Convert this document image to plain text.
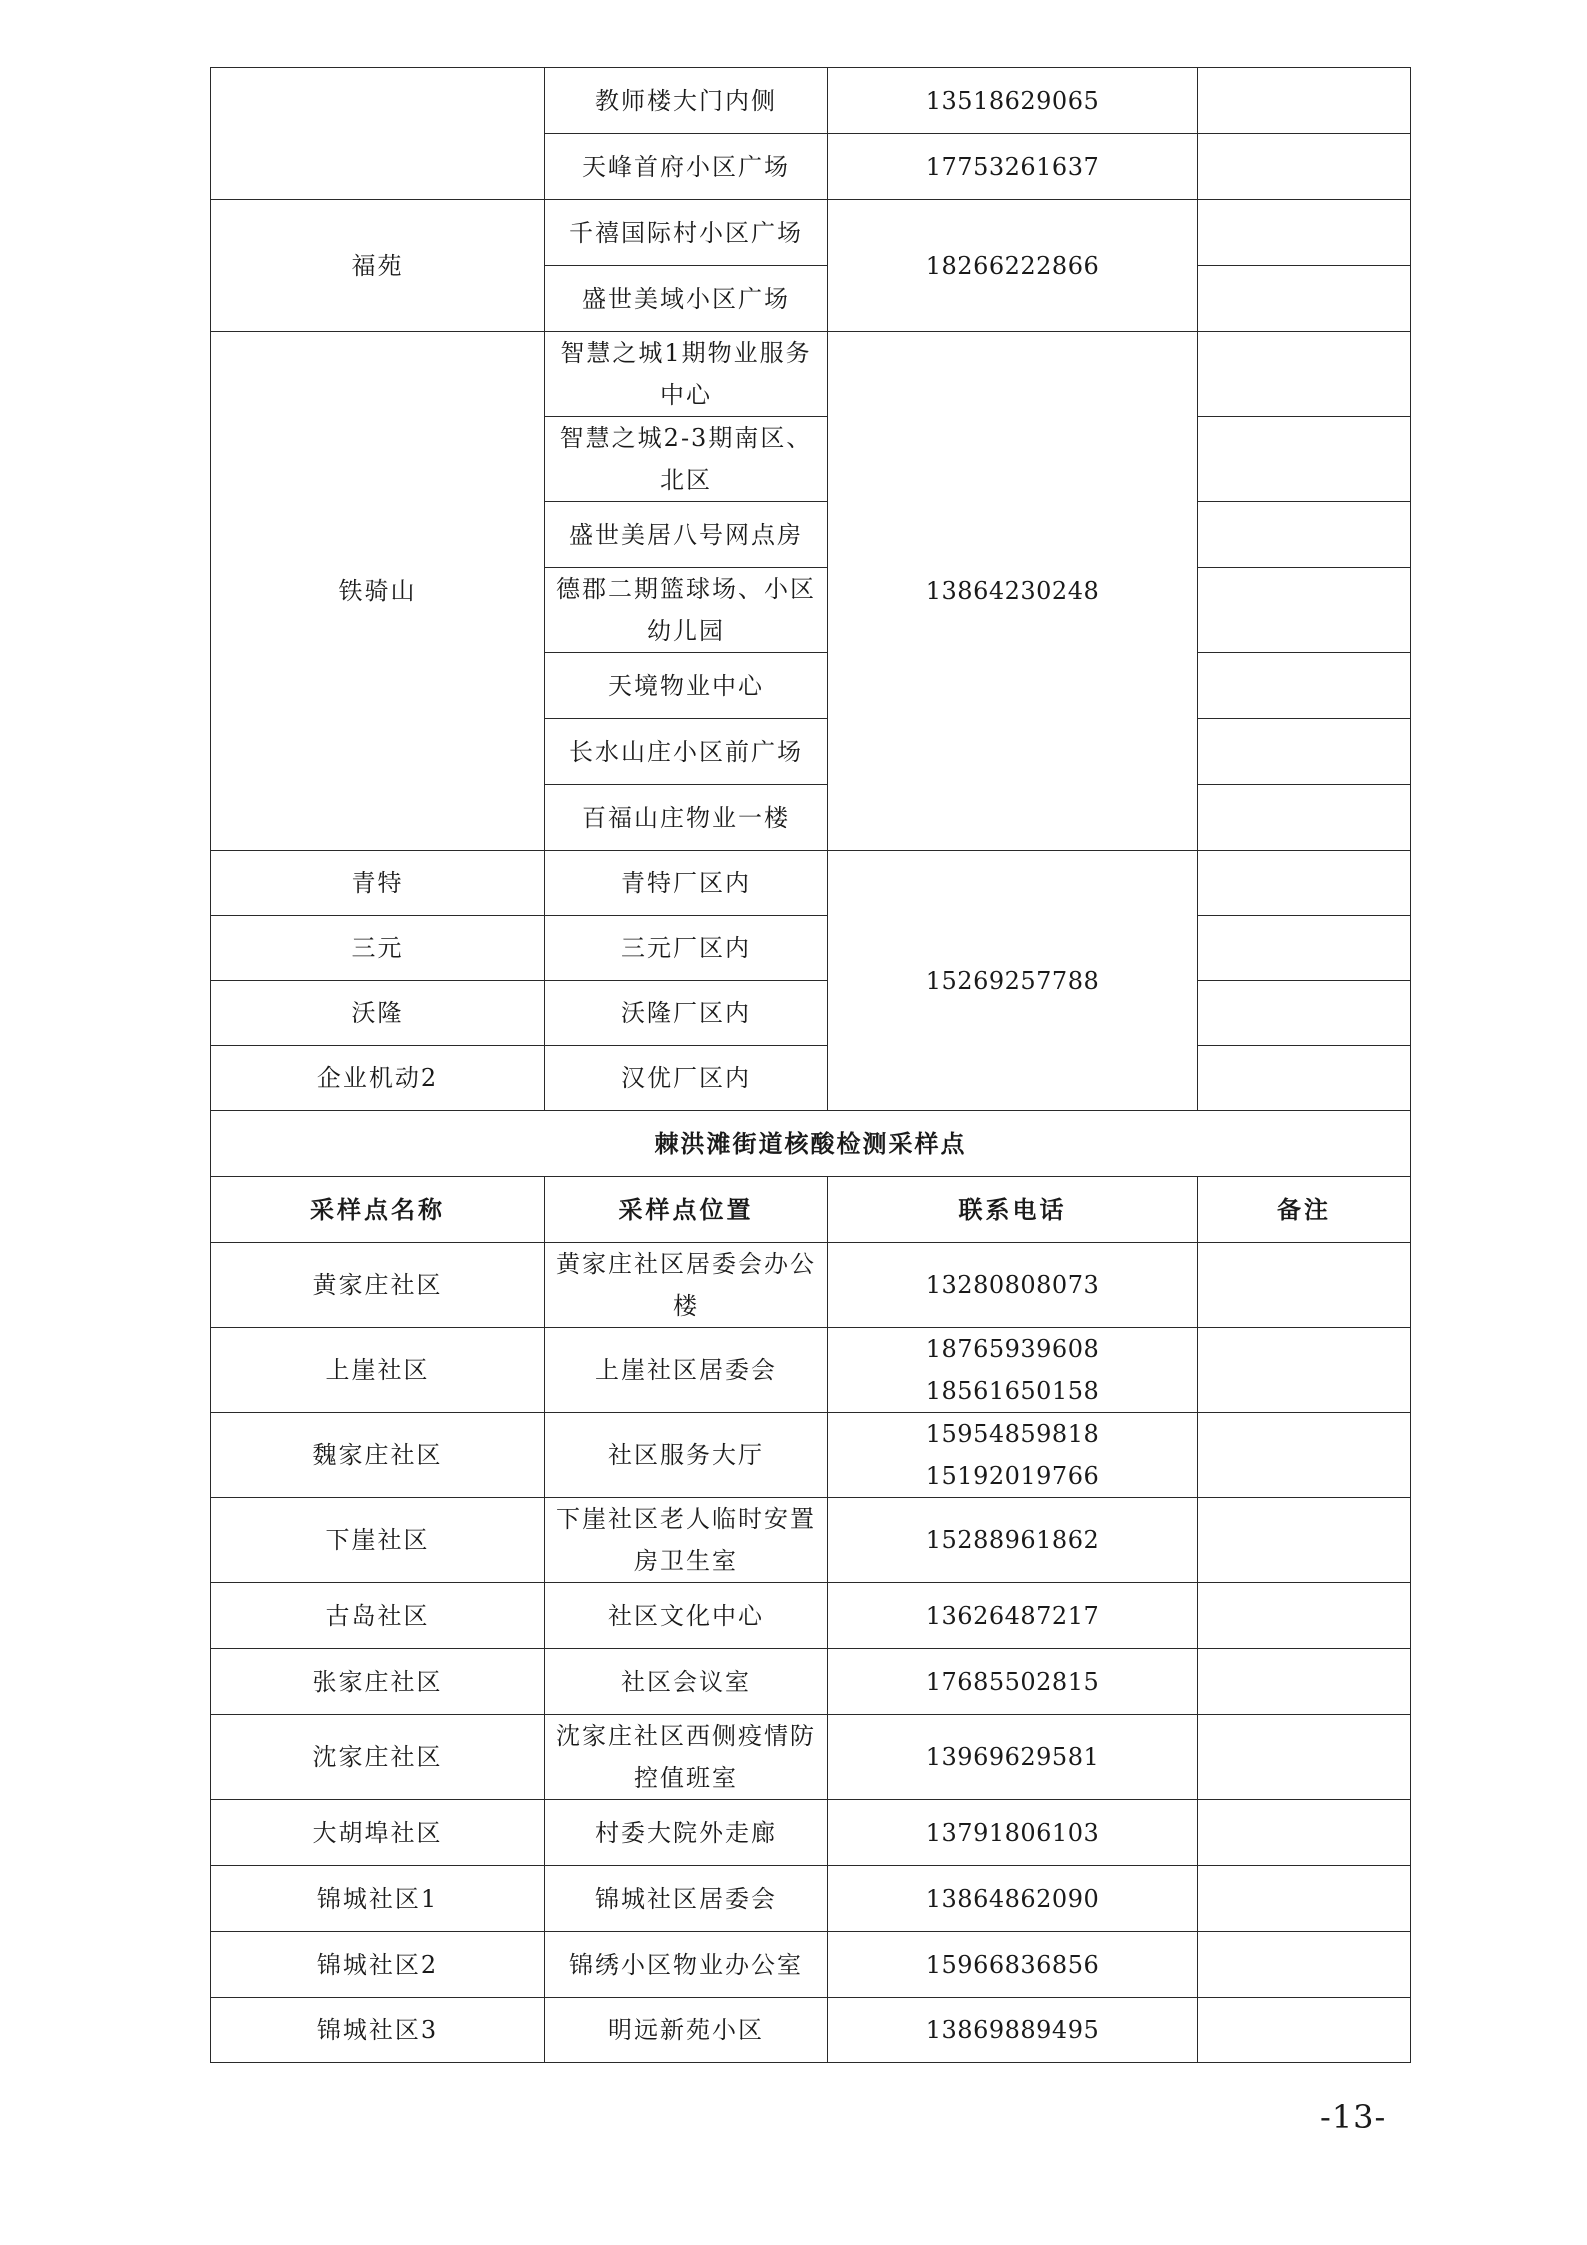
	教师楼大门内侧	13518629065	
	天峰首府小区广场	17753261637	
福苑	千禧国际村小区广场	18266222866	
	盛世美域小区广场		
铁骑山	智慧之城1期物业服务中心	13864230248	
	智慧之城2-3期南区、北区		
	盛世美居八号网点房		
	德郡二期篮球场、小区幼儿园		
	天境物业中心		
	长水山庄小区前广场		
	百福山庄物业一楼		
青特	青特厂区内	15269257788	
三元	三元厂区内		
沃隆	沃隆厂区内		
企业机动2	汉优厂区内		
棘洪滩街道核酸检测采样点			
采样点名称	采样点位置	联系电话	备注
黄家庄社区	黄家庄社区居委会办公楼	13280808073	
上崖社区	上崖社区居委会	18765939608
18561650158	

魏家庄社区	社区服务大厅	15954859818
15192019766	

下崖社区	下崖社区老人临时安置房卫生室	15288961862	
古岛社区	社区文化中心	13626487217	
张家庄社区	社区会议室	17685502815	
沈家庄社区	沈家庄社区西侧疫情防控值班室	13969629581	
大胡埠社区	村委大院外走廊	13791806103	
锦城社区1	锦城社区居委会	13864862090	
锦城社区2	锦绣小区物业办公室	15966836856	
锦城社区3	明远新苑小区	13869889495	
-13-
